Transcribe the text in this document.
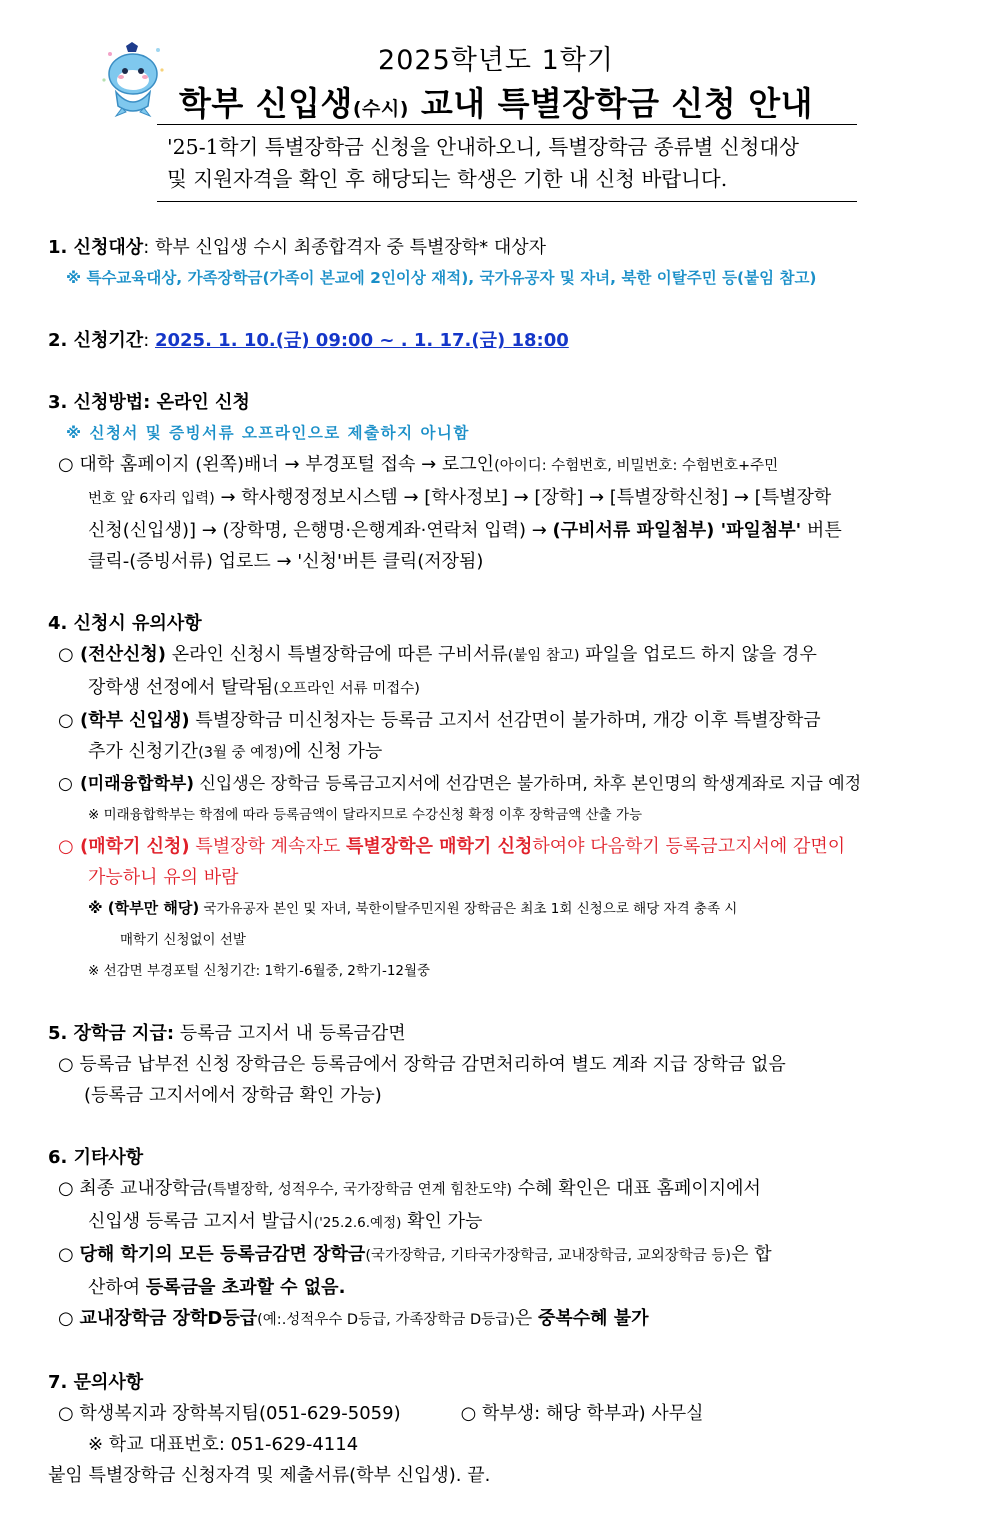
2025학년도 1학기
학부 신입생(수시) 교내 특별장학금 신청 안내
'25-1학기 특별장학금 신청을 안내하오니, 특별장학금 종류별 신청대상
및 지원자격을 확인 후 해당되는 학생은 기한 내 신청 바랍니다.
1. 신청대상: 학부 신입생 수시 최종합격자 중 특별장학* 대상자
※ 특수교육대상, 가족장학금(가족이 본교에 2인이상 재적), 국가유공자 및 자녀, 북한 이탈주민 등(붙임 참고)
2. 신청기간: 2025. 1. 10.(금) 09:00 ~ . 1. 17.(금) 18:00
3. 신청방법: 온라인 신청
※ 신청서 및 증빙서류 오프라인으로 제출하지 아니함
○ 대학 홈페이지 (왼쪽)배너 → 부경포털 접속 → 로그인(아이디: 수험번호, 비밀번호: 수험번호+주민
번호 앞 6자리 입력) → 학사행정정보시스템 → [학사정보] → [장학] → [특별장학신청] → [특별장학
신청(신입생)] → (장학명, 은행명·은행계좌·연락처 입력) → (구비서류 파일첨부) '파일첨부' 버튼
클릭-(증빙서류) 업로드 → '신청'버튼 클릭(저장됨)
4. 신청시 유의사항
○ (전산신청) 온라인 신청시 특별장학금에 따른 구비서류(붙임 참고) 파일을 업로드 하지 않을 경우
장학생 선정에서 탈락됨(오프라인 서류 미접수)
○ (학부 신입생) 특별장학금 미신청자는 등록금 고지서 선감면이 불가하며, 개강 이후 특별장학금
추가 신청기간(3월 중 예정)에 신청 가능
○ (미래융합학부) 신입생은 장학금 등록금고지서에 선감면은 불가하며, 차후 본인명의 학생계좌로 지급 예정
※ 미래융합학부는 학점에 따라 등록금액이 달라지므로 수강신청 확정 이후 장학금액 산출 가능
○ (매학기 신청) 특별장학 계속자도 특별장학은 매학기 신청하여야 다음학기 등록금고지서에 감면이
가능하니 유의 바람
※ (학부만 해당) 국가유공자 본인 및 자녀, 북한이탈주민지원 장학금은 최초 1회 신청으로 해당 자격 충족 시
매학기 신청없이 선발
※ 선감면 부경포털 신청기간: 1학기-6월중, 2학기-12월중
5. 장학금 지급: 등록금 고지서 내 등록금감면
○ 등록금 납부전 신청 장학금은 등록금에서 장학금 감면처리하여 별도 계좌 지급 장학금 없음
(등록금 고지서에서 장학금 확인 가능)
6. 기타사항
○ 최종 교내장학금(특별장학, 성적우수, 국가장학금 연계 힘찬도약) 수혜 확인은 대표 홈페이지에서
신입생 등록금 고지서 발급시('25.2.6.예정) 확인 가능
○ 당해 학기의 모든 등록금감면 장학금(국가장학금, 기타국가장학금, 교내장학금, 교외장학금 등)은 합
산하여 등록금을 초과할 수 없음.
○ 교내장학금 장학D등급(예:.성적우수 D등급, 가족장학금 D등급)은 중복수혜 불가
7. 문의사항
○ 학생복지과 장학복지팀(051-629-5059)	○ 학부생: 해당 학부과) 사무실
※ 학교 대표번호: 051-629-4114
붙임 특별장학금 신청자격 및 제출서류(학부 신입생). 끝.
